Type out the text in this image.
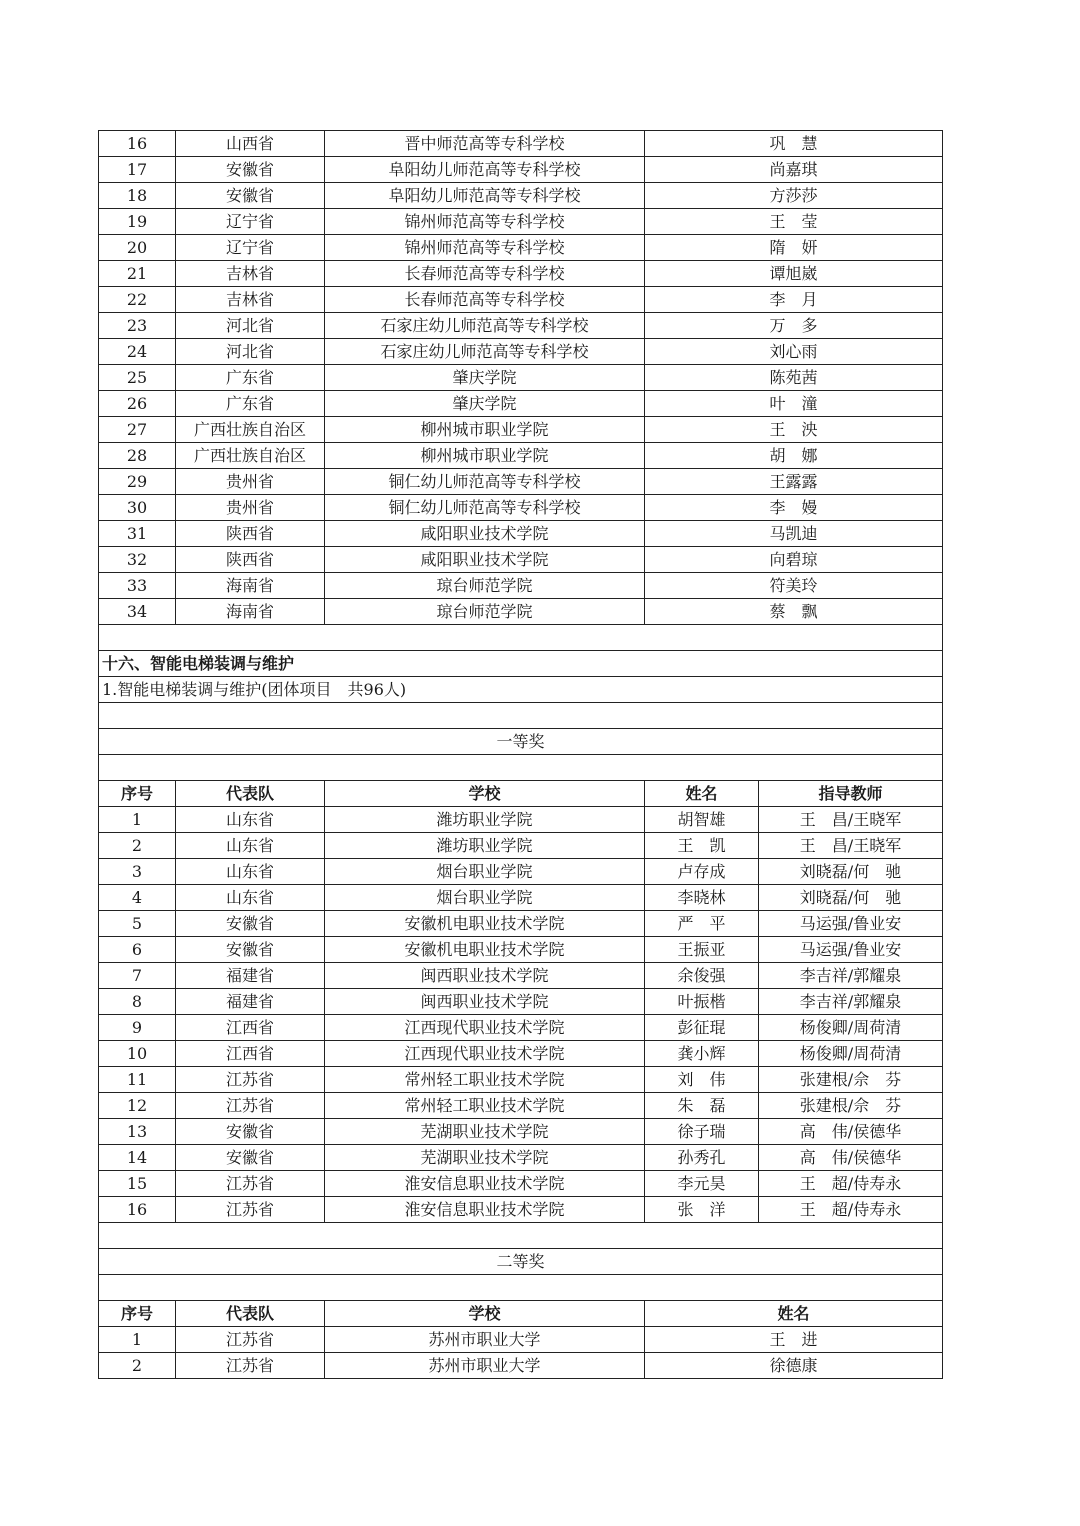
16	山西省	晋中师范高等专科学校	巩　慧	
17	安徽省	阜阳幼儿师范高等专科学校	尚嘉琪	
18	安徽省	阜阳幼儿师范高等专科学校	方莎莎	
19	辽宁省	锦州师范高等专科学校	王　莹	
20	辽宁省	锦州师范高等专科学校	隋　妍	
21	吉林省	长春师范高等专科学校	谭旭崴	
22	吉林省	长春师范高等专科学校	李　月	
23	河北省	石家庄幼儿师范高等专科学校	万　多	
24	河北省	石家庄幼儿师范高等专科学校	刘心雨	
25	广东省	肇庆学院	陈苑茜	
26	广东省	肇庆学院	叶　潼	
27	广西壮族自治区	柳州城市职业学院	王　泱	
28	广西壮族自治区	柳州城市职业学院	胡　娜	
29	贵州省	铜仁幼儿师范高等专科学校	王露露	
30	贵州省	铜仁幼儿师范高等专科学校	李　嫚	
31	陕西省	咸阳职业技术学院	马凯迪	
32	陕西省	咸阳职业技术学院	向碧琼	
33	海南省	琼台师范学院	符美玲	
34	海南省	琼台师范学院	蔡　飘	

十六、智能电梯装调与维护				
1.智能电梯装调与维护(团体项目　共96人)				

一等奖				

序号	代表队	学校	姓名	指导教师
1	山东省	潍坊职业学院	胡智雄	王　昌/王晓军
2	山东省	潍坊职业学院	王　凯	王　昌/王晓军
3	山东省	烟台职业学院	卢存成	刘晓磊/何　驰
4	山东省	烟台职业学院	李晓林	刘晓磊/何　驰
5	安徽省	安徽机电职业技术学院	严　平	马运强/鲁业安
6	安徽省	安徽机电职业技术学院	王振亚	马运强/鲁业安
7	福建省	闽西职业技术学院	余俊强	李吉祥/郭耀泉
8	福建省	闽西职业技术学院	叶振楷	李吉祥/郭耀泉
9	江西省	江西现代职业技术学院	彭征琨	杨俊卿/周荷清
10	江西省	江西现代职业技术学院	龚小辉	杨俊卿/周荷清
11	江苏省	常州轻工职业技术学院	刘　伟	张建根/佘　芬
12	江苏省	常州轻工职业技术学院	朱　磊	张建根/佘　芬
13	安徽省	芜湖职业技术学院	徐子瑞	高　伟/侯德华
14	安徽省	芜湖职业技术学院	孙秀孔	高　伟/侯德华
15	江苏省	淮安信息职业技术学院	李元昊	王　超/侍寿永
16	江苏省	淮安信息职业技术学院	张　洋	王　超/侍寿永

二等奖				

序号	代表队	学校	姓名	
1	江苏省	苏州市职业大学	王　进	
2	江苏省	苏州市职业大学	徐德康	
